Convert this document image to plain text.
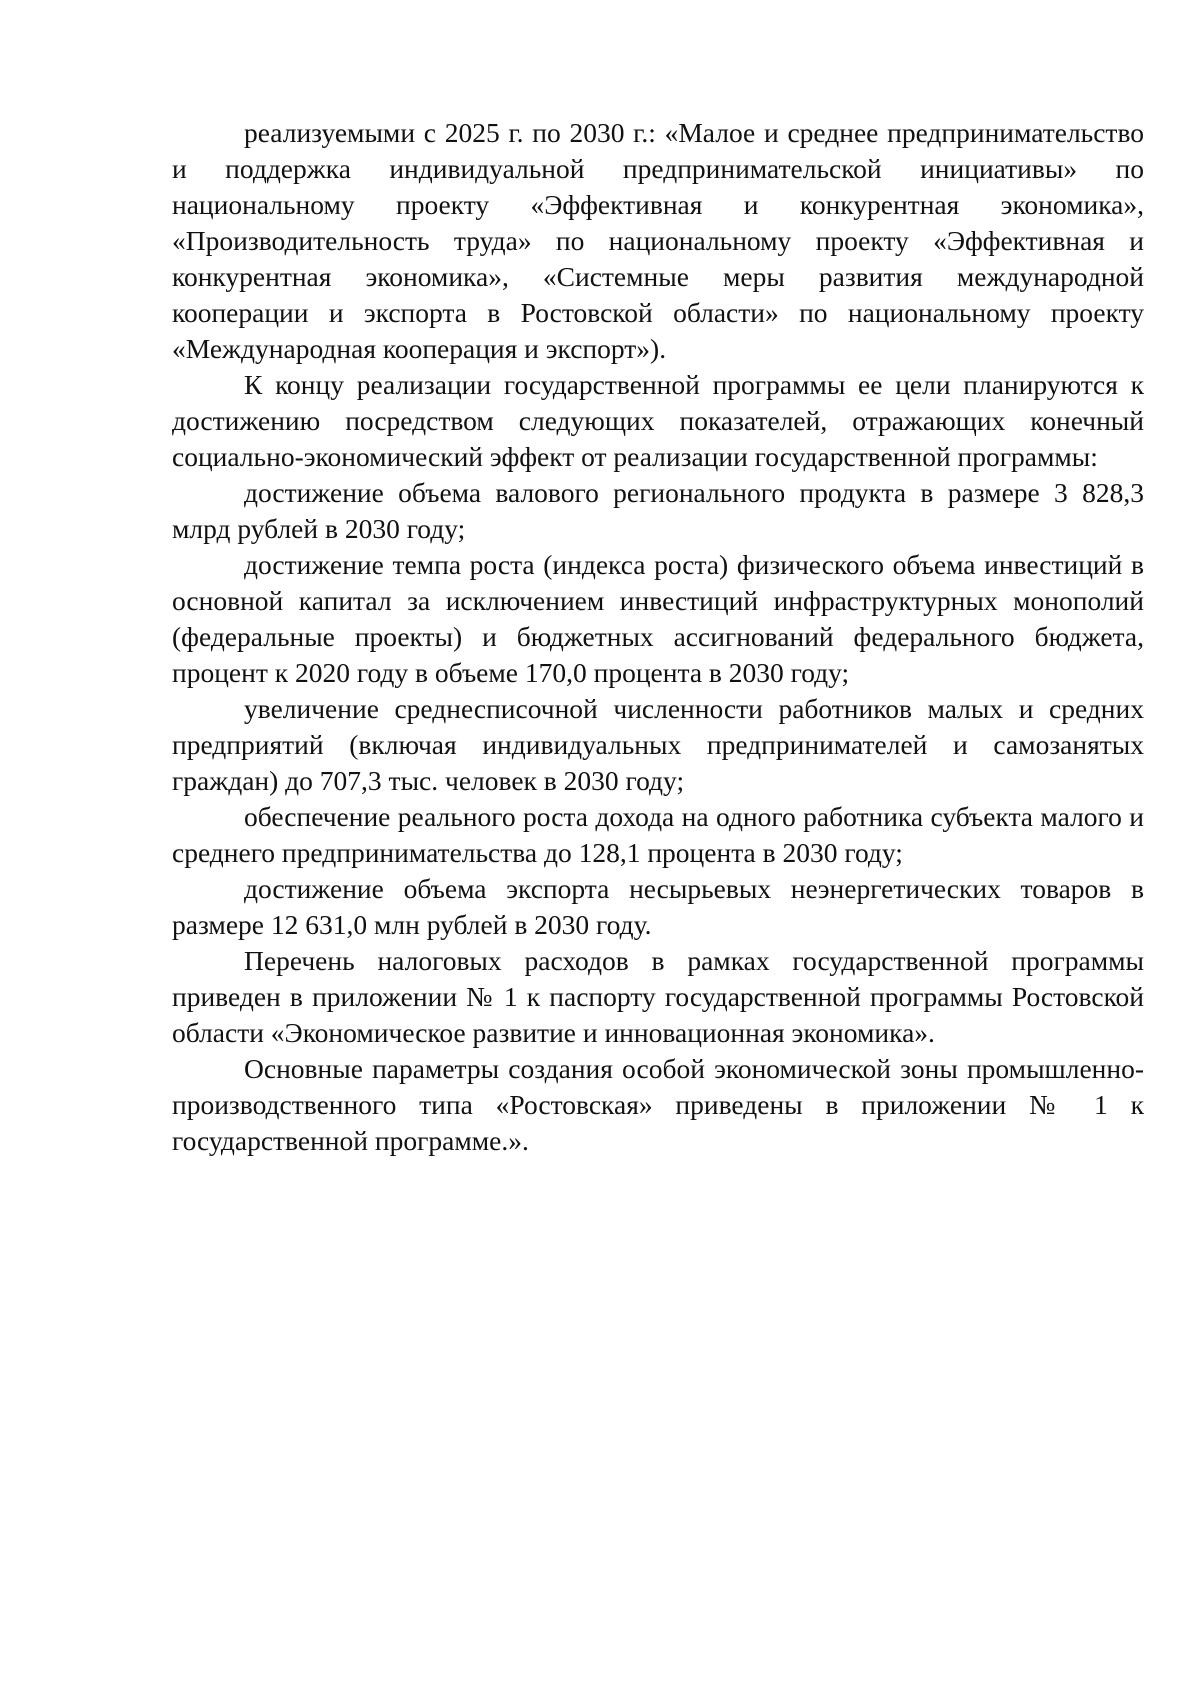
реализуемыми с 2025 г. по 2030 г.: «Малое и среднее предпринимательство и поддержка индивидуальной предпринимательской инициативы» по национальному проекту «Эффективная и конкурентная экономика», «Производительность труда» по национальному проекту «Эффективная и конкурентная экономика», «Системные меры развития международной кооперации и экспорта в Ростовской области» по национальному проекту «Международная кооперация и экспорт»).

К концу реализации государственной программы ее цели планируются к достижению посредством следующих показателей, отражающих конечный социально-экономический эффект от реализации государственной программы:

достижение объема валового регионального продукта в размере 3 828,3 млрд рублей в 2030 году;

достижение темпа роста (индекса роста) физического объема инвестиций в основной капитал за исключением инвестиций инфраструктурных монополий (федеральные проекты) и бюджетных ассигнований федерального бюджета, процент к 2020 году в объеме 170,0 процента в 2030 году;

увеличение среднесписочной численности работников малых и средних предприятий (включая индивидуальных предпринимателей и самозанятых граждан) до 707,3 тыс. человек в 2030 году;

обеспечение реального роста дохода на одного работника субъекта малого и среднего предпринимательства до 128,1 процента в 2030 году;

достижение объема экспорта несырьевых неэнергетических товаров в размере 12 631,0 млн рублей в 2030 году.

Перечень налоговых расходов в рамках государственной программы приведен в приложении № 1 к паспорту государственной программы Ростовской области «Экономическое развитие и инновационная экономика».

Основные параметры создания особой экономической зоны промышленно-производственного типа «Ростовская» приведены в приложении № 1 к государственной программе.».
